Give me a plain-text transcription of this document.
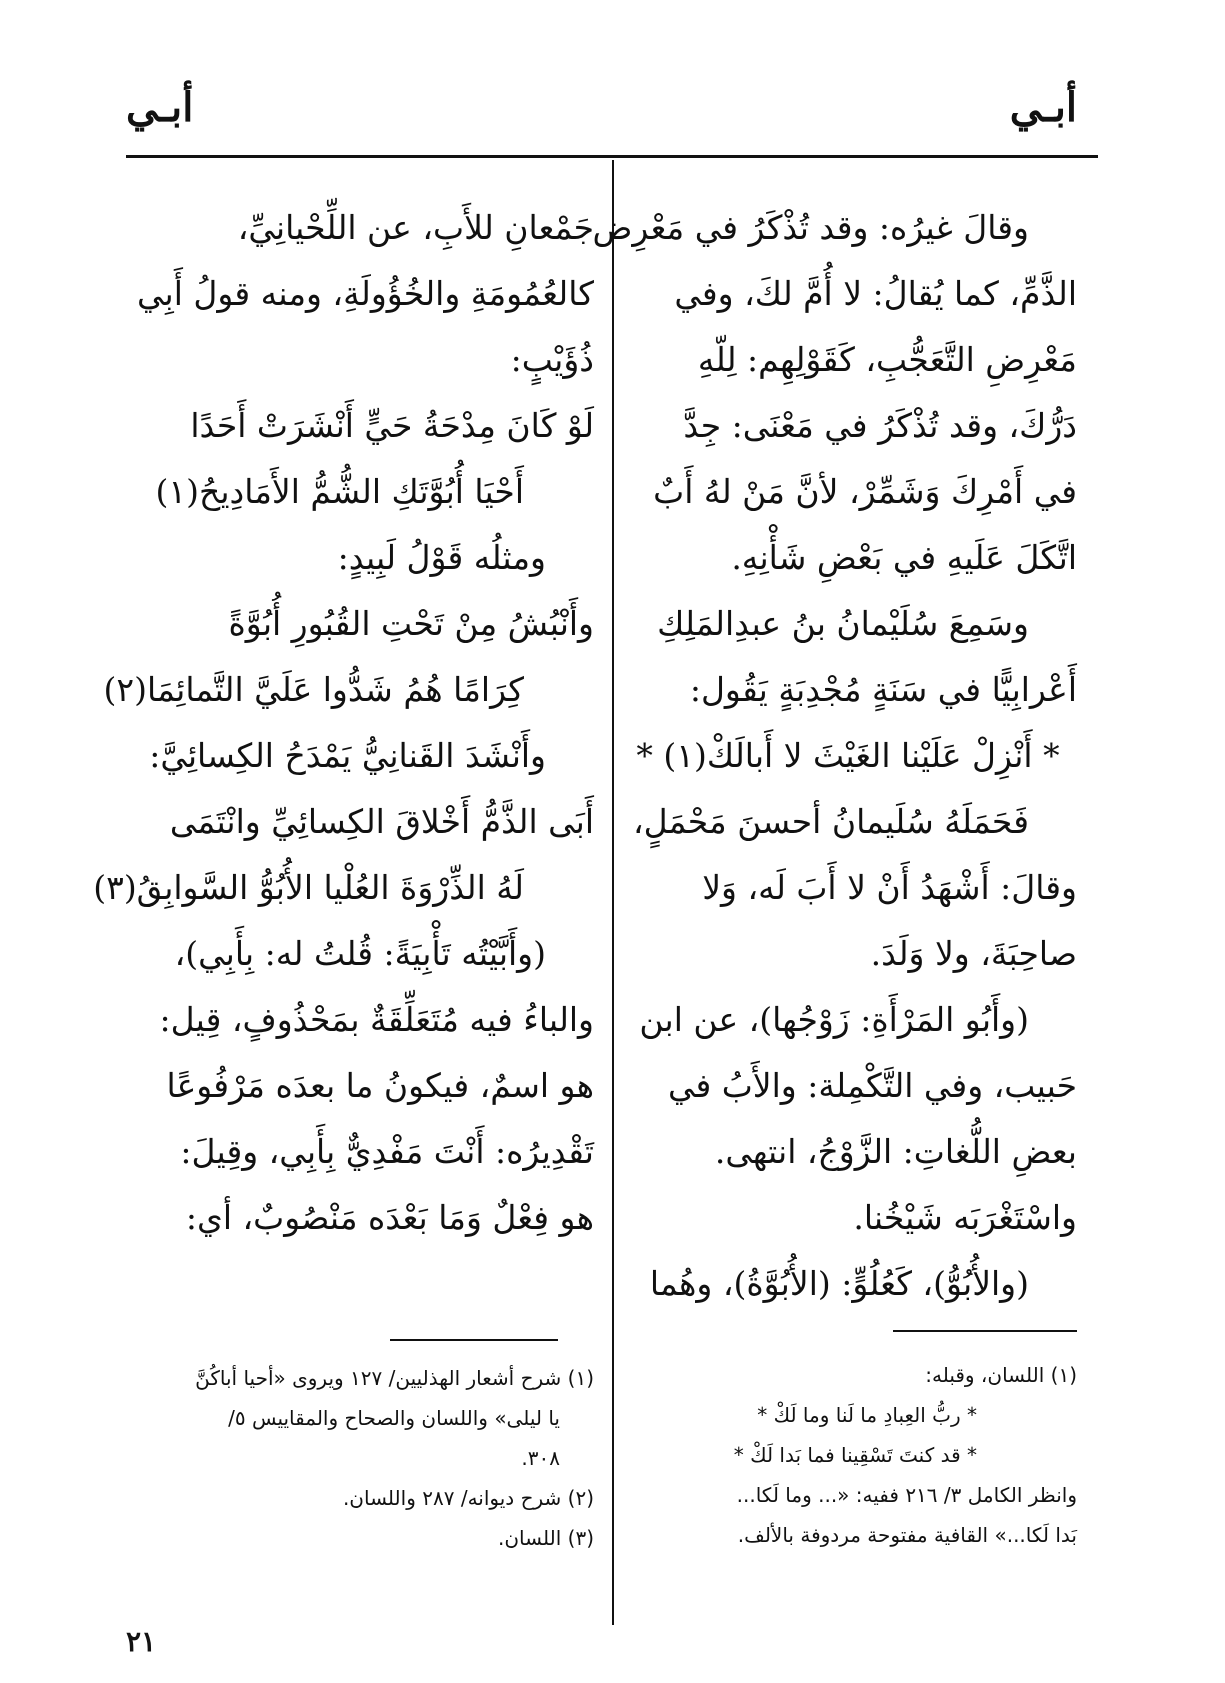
أبـي
أبـي
وقالَ غيرُه: وقد تُذْكَرُ في مَعْرِض
الذَّمِّ، كما يُقالُ: لا أُمَّ لكَ، وفي
مَعْرِضِ التَّعَجُّبِ، كَقَوْلِهِم: لِلّهِ
دَرُّكَ، وقد تُذْكَرُ في مَعْنَى: جِدَّ
في أَمْرِكَ وَشَمِّرْ، لأنَّ مَنْ لهُ أَبٌ
اتَّكَلَ عَلَيهِ في بَعْضِ شَأْنِهِ.
وسَمِعَ سُلَيْمانُ بنُ عبدِالمَلِكِ
أَعْرابِيًّا في سَنَةٍ مُجْدِبَةٍ يَقُول:
* أَنْزِلْ عَلَيْنا الغَيْثَ لا أَبالَكْ(١) *
فَحَمَلَهُ سُلَيمانُ أحسنَ مَحْمَلٍ،
وقالَ: أَشْهَدُ أَنْ لا أَبَ لَه، وَلا
صاحِبَةَ، ولا وَلَدَ.
(وأَبُو المَرْأَةِ: زَوْجُها)، عن ابن
حَبيب، وفي التَّكْمِلة: والأَبُ في
بعضِ اللُّغاتِ: الزَّوْجُ، انتهى.
واسْتَغْرَبَه شَيْخُنا.
(والأُبُوُّ)، كَعُلُوٍّ: (الأُبُوَّةُ)، وهُما
جَمْعانِ للأَبِ، عن اللِّحْيانِيِّ،
كالعُمُومَةِ والخُؤُولَةِ، ومنه قولُ أَبِي
ذُؤَيْبٍ:
لَوْ كَانَ مِدْحَةُ حَيٍّ أَنْشَرَتْ أَحَدًا
أَحْيَا أُبُوَّتَكِ الشُّمُّ الأَمَادِيحُ(١)
ومثلُه قَوْلُ لَبِيدٍ:
وأَنْبُشُ مِنْ تَحْتِ القُبُورِ أُبُوَّةً
كِرَامًا هُمُ شَدُّوا عَلَيَّ التَّمائِمَا(٢)
وأَنْشَدَ القَنانِيُّ يَمْدَحُ الكِسائِيَّ:
أَبَى الذَّمُّ أَخْلاقَ الكِسائِيِّ وانْتَمَى
لَهُ الذِّرْوَةَ العُلْيا الأُبُوُّ السَّوابِقُ(٣)
(وأَبَّيْتُه تَأْبِيَةً: قُلتُ له: بِأَبِي)،
والباءُ فيه مُتَعَلِّقَةٌ بمَحْذُوفٍ، قِيل:
هو اسمٌ، فيكونُ ما بعدَه مَرْفُوعًا
تَقْدِيرُه: أَنْتَ مَفْدِيٌّ بِأَبِي، وقِيلَ:
هو فِعْلٌ وَمَا بَعْدَه مَنْصُوبٌ، أي:
(١) اللسان، وقبله:
* ربُّ العِبادِ ما لَنا وما لَكْ *
* قد كنتَ تَسْقِينا فما بَدا لَكْ *
وانظر الكامل ٣/ ٢١٦ ففيه: «... وما لَكا...
بَدا لَكا...» القافية مفتوحة مردوفة بالألف.
(١) شرح أشعار الهذليين/ ١٢٧ ويروى «أحيا أباكُنَّ
يا ليلى» واللسان والصحاح والمقاييس ٥/
٣٠٨.
(٢) شرح ديوانه/ ٢٨٧ واللسان.
(٣) اللسان.
٢١
